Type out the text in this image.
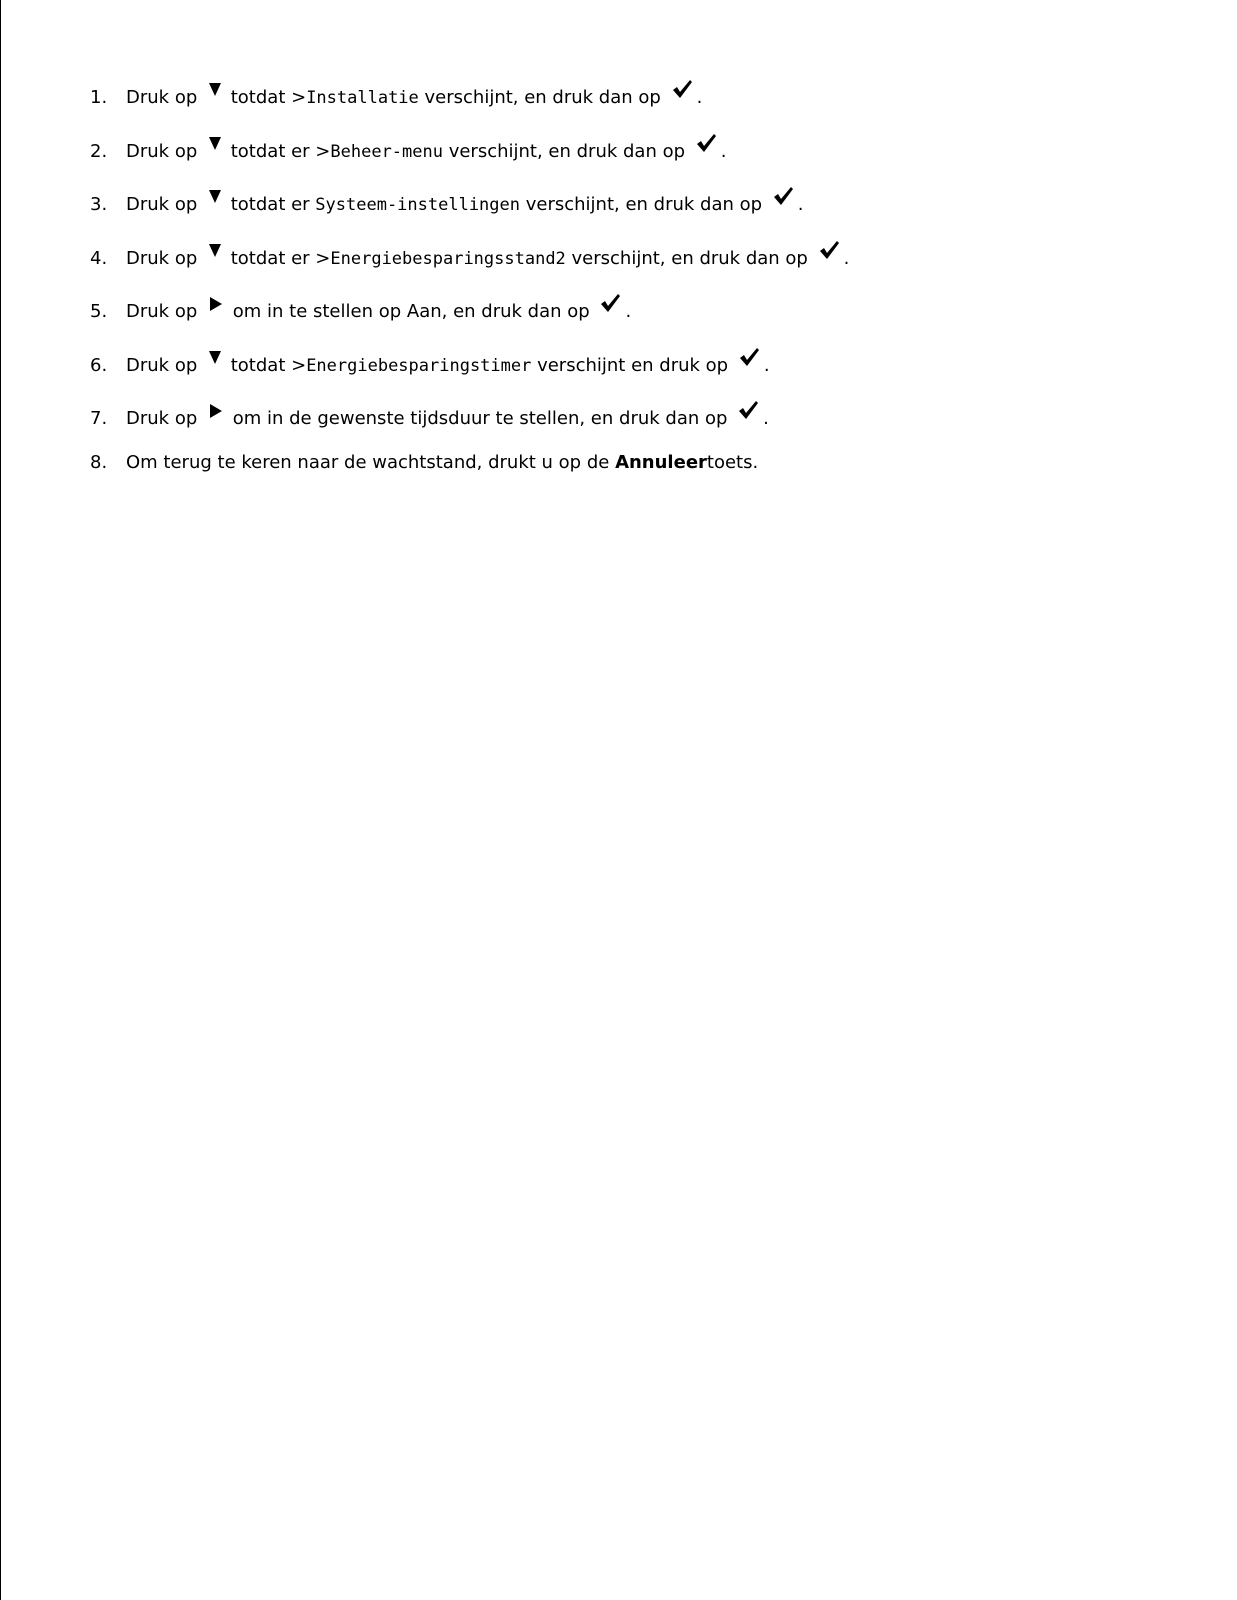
1. Druk op totdat >Installatie verschijnt, en druk dan op .
2. Druk op totdat er >Beheer-menu verschijnt, en druk dan op .
3. Druk op totdat er Systeem-instellingen verschijnt, en druk dan op .
4. Druk op totdat er >Energiebesparingsstand2 verschijnt, en druk dan op .
5. Druk op om in te stellen op Aan, en druk dan op .
6. Druk op totdat >Energiebesparingstimer verschijnt en druk op .
7. Druk op om in de gewenste tijdsduur te stellen, en druk dan op .
8. Om terug te keren naar de wachtstand, drukt u op de Annuleertoets.
